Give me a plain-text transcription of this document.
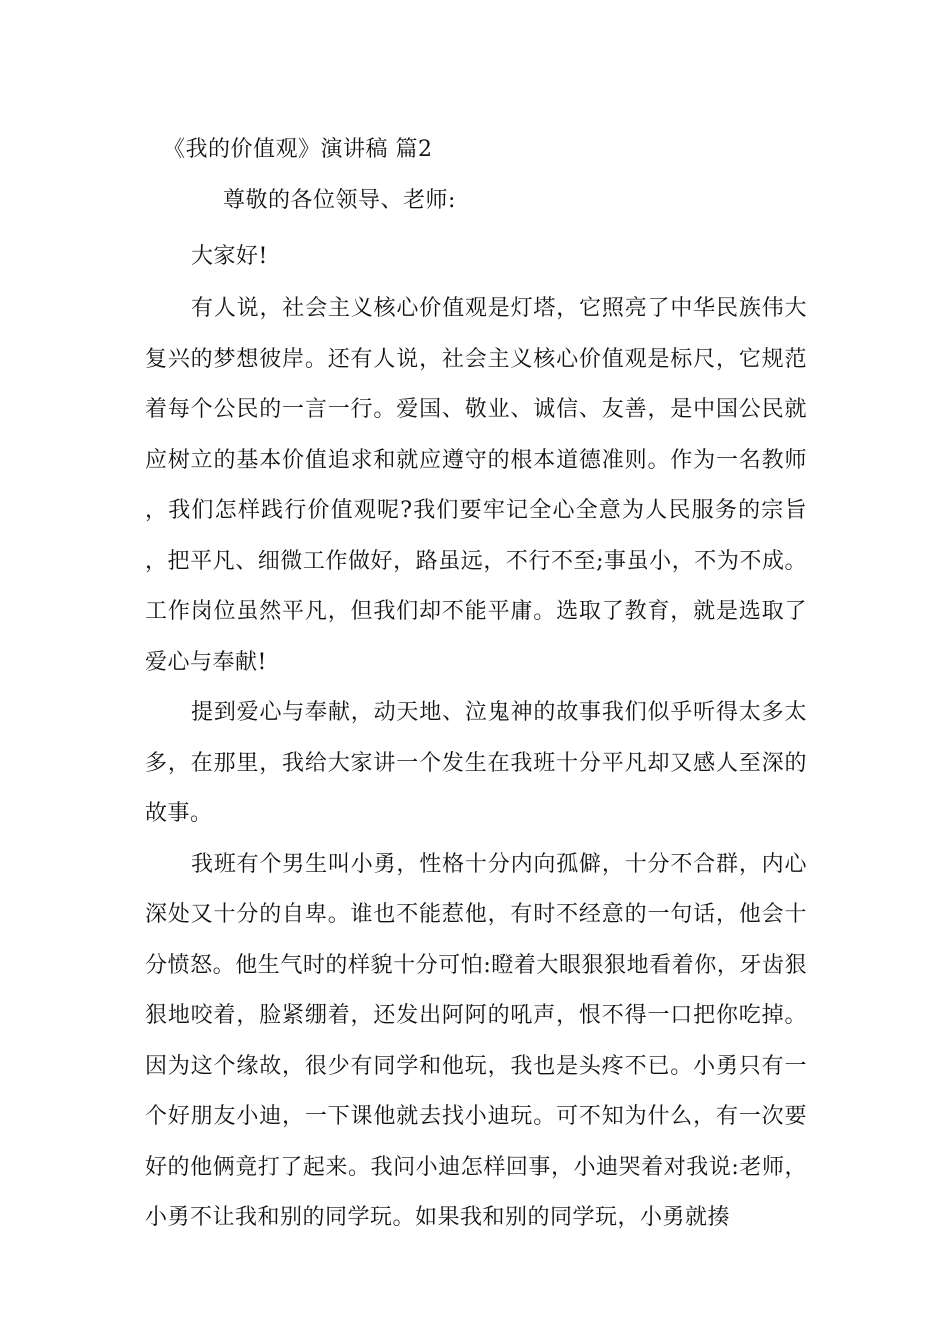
《我的价值观》演讲稿 篇2

尊敬的各位领导、老师:

大家好!

有人说，社会主义核心价值观是灯塔，它照亮了中华民族伟大复兴的梦想彼岸。还有人说，社会主义核心价值观是标尺，它规范着每个公民的一言一行。爱国、敬业、诚信、友善，是中国公民就应树立的基本价值追求和就应遵守的根本道德准则。作为一名教师，我们怎样践行价值观呢?我们要牢记全心全意为人民服务的宗旨，把平凡、细微工作做好，路虽远，不行不至;事虽小，不为不成。工作岗位虽然平凡，但我们却不能平庸。选取了教育，就是选取了爱心与奉献!

提到爱心与奉献，动天地、泣鬼神的故事我们似乎听得太多太多，在那里，我给大家讲一个发生在我班十分平凡却又感人至深的故事。

我班有个男生叫小勇，性格十分内向孤僻，十分不合群，内心深处又十分的自卑。谁也不能惹他，有时不经意的一句话，他会十分愤怒。他生气时的样貌十分可怕:瞪着大眼狠狠地看着你，牙齿狠狠地咬着，脸紧绷着，还发出阿阿的吼声，恨不得一口把你吃掉。因为这个缘故，很少有同学和他玩，我也是头疼不已。小勇只有一个好朋友小迪，一下课他就去找小迪玩。可不知为什么，有一次要好的他俩竟打了起来。我问小迪怎样回事，小迪哭着对我说:老师，小勇不让我和别的同学玩。如果我和别的同学玩，小勇就揍
